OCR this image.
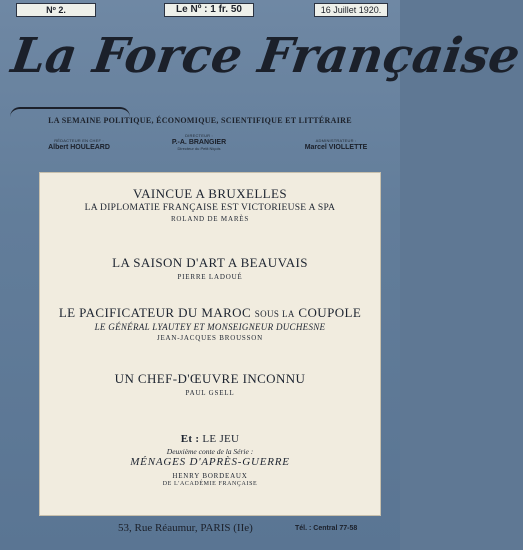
Nº 2.	Le Nº : 1 fr. 50	16 Juillet 1920.
La Force Française
LA SEMAINE POLITIQUE, ÉCONOMIQUE, SCIENTIFIQUE ET LITTÉRAIRE
RÉDACTEUR EN CHEF :
Albert HOULEARD
DIRECTEUR :
P.-A. BRANGIER
Directeur du Petit Niçois
ADMINISTRATEUR :
Marcel VIOLLETTE
VAINCUE A BRUXELLES
LA DIPLOMATIE FRANÇAISE EST VICTORIEUSE A SPA
ROLAND DE MARÈS
LA SAISON D'ART A BEAUVAIS
PIERRE LADOUÉ
LE PACIFICATEUR DU MAROC SOUS LA COUPOLE
LE GÉNÉRAL LYAUTEY ET MONSEIGNEUR DUCHESNE
JEAN-JACQUES BROUSSON
UN CHEF-D'ŒUVRE INCONNU
PAUL GSELL
Et : LE JEU
Deuxième conte de la Série :
MÉNAGES D'APRÈS-GUERRE
HENRY BORDEAUX
DE L'ACADÉMIE FRANÇAISE
53, Rue Réaumur, PARIS (IIe)	Tél. : Central 77-58
